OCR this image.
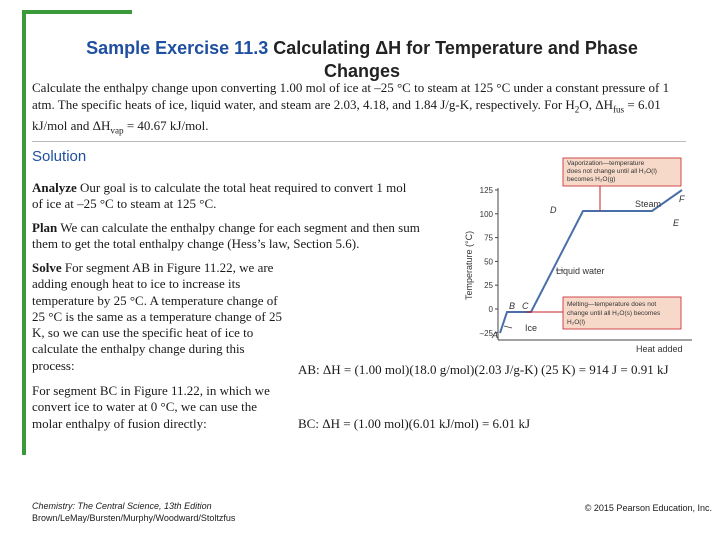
Sample Exercise 11.3 Calculating ΔH for Temperature and Phase
Changes
Calculate the enthalpy change upon converting 1.00 mol of ice at –25 °C to steam at 125 °C under a constant pressure of 1 atm. The specific heats of ice, liquid water, and steam are 2.03, 4.18, and 1.84 J/g-K, respectively. For $H_2O$, $\Delta H_{fus} = 6.01$ kJ/mol and $\Delta H_{vap} = 40.67$ kJ/mol.
Solution
Analyze Our goal is to calculate the total heat required to convert 1 mol of ice at –25 °C to steam at 125 °C.
Plan We can calculate the enthalpy change for each segment and then sum them to get the total enthalpy change (Hess’s law, Section 5.6).
Solve For segment AB in Figure 11.22, we are adding enough heat to ice to increase its temperature by 25 °C. A temperature change of 25 °C is the same as a temperature change of 25 K, so we can use the specific heat of ice to calculate the enthalpy change during this process:
For segment BC in Figure 11.22, in which we convert ice to water at 0 °C, we can use the molar enthalpy of fusion directly:
AB: ΔH = (1.00 mol)(18.0 g/mol)(2.03 J/g-K) (25 K) = 914 J = 0.91 kJ
BC: ΔH = (1.00 mol)(6.01 kJ/mol) = 6.01 kJ
125
100
75
50
25
0
–25
Temperature (°C)
Heat added
A
B C
D
E
F
Steam
Liquid water
Ice
Vaporization—temperature
does not change until all H₂O(l)
becomes H₂O(g)
Melting—temperature does not
change until all H₂O(s) becomes
H₂O(l)
Chemistry: The Central Science, 13th Edition
Brown/LeMay/Bursten/Murphy/Woodward/Stoltzfus
© 2015 Pearson Education, Inc.
